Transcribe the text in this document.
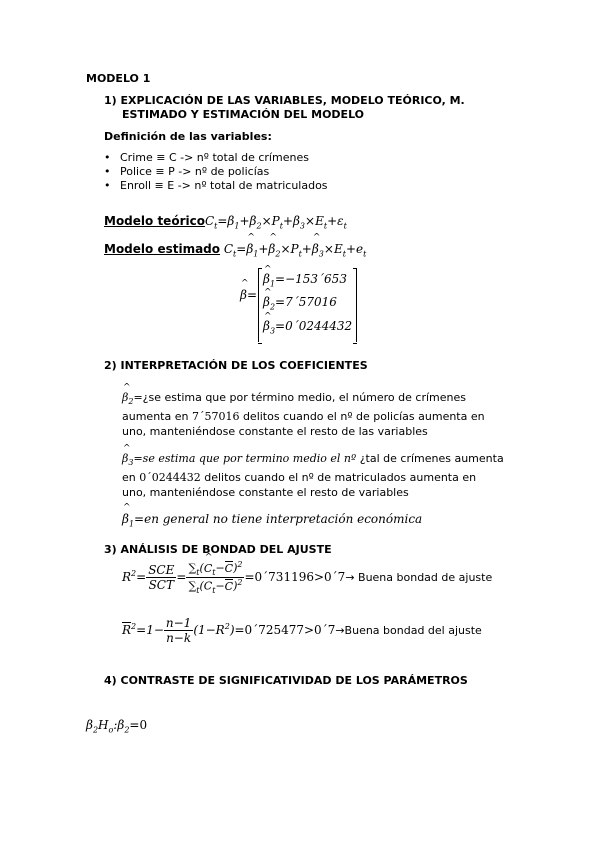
MODELO 1
1) EXPLICACIÓN DE LAS VARIABLES, MODELO TEÓRICO, M.
ESTIMADO Y ESTIMACIÓN DEL MODELO
Definición de las variables:
• Crime ≡ C -> nº total de crímenes
• Police ≡ P -> nº de policías
• Enroll ≡ E -> nº total de matriculados
Modelo $teóricoC_t=\beta_1+\beta_2\times P_t+\beta_3\times E_t+\varepsilon_t$
Modelo estimado $C_t=\^{}$ $\beta_1+\^{}$ $\beta_2\times P_t+\^{}$ $\beta_3\times E_t+e_t$
^ β=
^ $\beta_1=-153´653$
^ $\beta_2=7´57016$
^ $\beta_3=0´0244432$
2) INTERPRETACIÓN DE LOS COEFICIENTES
^ $\beta_2=¿se$ estima que por término medio, el número de crímenes
aumenta en 7´57016 delitos cuando el nº de policías aumenta en
uno, manteniéndose constante el resto de las variables
^ $\beta_3=se$ estima que por termino medio el nº ¿tal de crímenes aumenta
en 0´0244432 delitos cuando el nº de matriculados aumenta en
uno, manteniéndose constante el resto de variables
^ $\beta_1=en$ general no tiene interpretación económica
3) ANÁLISIS DE BONDAD DEL AJUSTE
$R^2= \frac{\text{SCE}}{\text{SCT}} = \frac{\sum_t(\^{} C_t-C)^2}{\sum_t(C_t-C)^2}$ =0´731196>0´7→ Buena bondad de ajuste
$R^2=1- \frac{n-1}{n-k}$ $(1-R^2)=0´725477>0´7\to Buena$ bondad del ajuste
4) CONTRASTE DE SIGNIFICATIVIDAD DE LOS PARÁMETROS
$\beta_2H_o:\beta_2=0$
